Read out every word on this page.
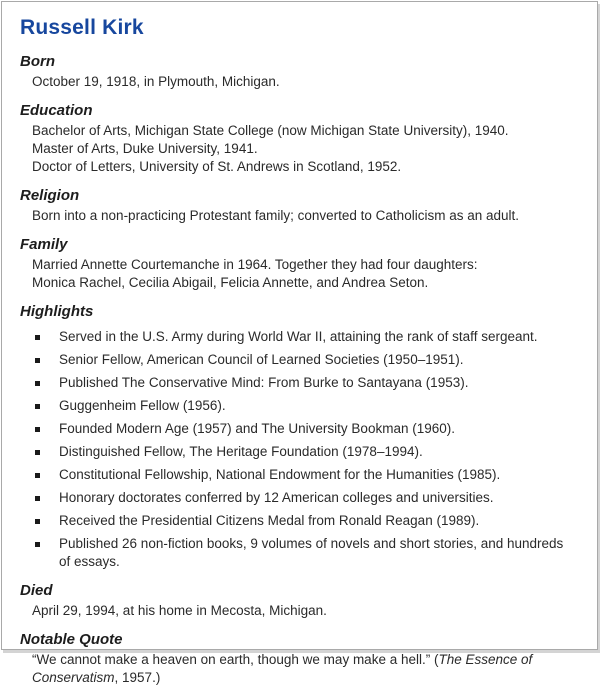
Russell Kirk
Born

October 19, 1918, in Plymouth, Michigan.

Education

Bachelor of Arts, Michigan State College (now Michigan State University), 1940.

Master of Arts, Duke University, 1941.

Doctor of Letters, University of St. Andrews in Scotland, 1952.

Religion

Born into a non-practicing Protestant family; converted to Catholicism as an adult.

Family

Married Annette Courtemanche in 1964. Together they had four daughters:

Monica Rachel, Cecilia Abigail, Felicia Annette, and Andrea Seton.

Highlights
Served in the U.S. Army during World War II, attaining the rank of staff sergeant.
Senior Fellow, American Council of Learned Societies (1950–1951).
Published The Conservative Mind: From Burke to Santayana (1953).
Guggenheim Fellow (1956).
Founded Modern Age (1957) and The University Bookman (1960).
Distinguished Fellow, The Heritage Foundation (1978–1994).
Constitutional Fellowship, National Endowment for the Humanities (1985).
Honorary doctorates conferred by 12 American colleges and universities.
Received the Presidential Citizens Medal from Ronald Reagan (1989).
Published 26 non-fiction books, 9 volumes of novels and short stories, and hundreds of essays.
Died

April 29, 1994, at his home in Mecosta, Michigan.

Notable Quote

“We cannot make a heaven on earth, though we may make a hell.” (The Essence of Conservatism, 1957.)
